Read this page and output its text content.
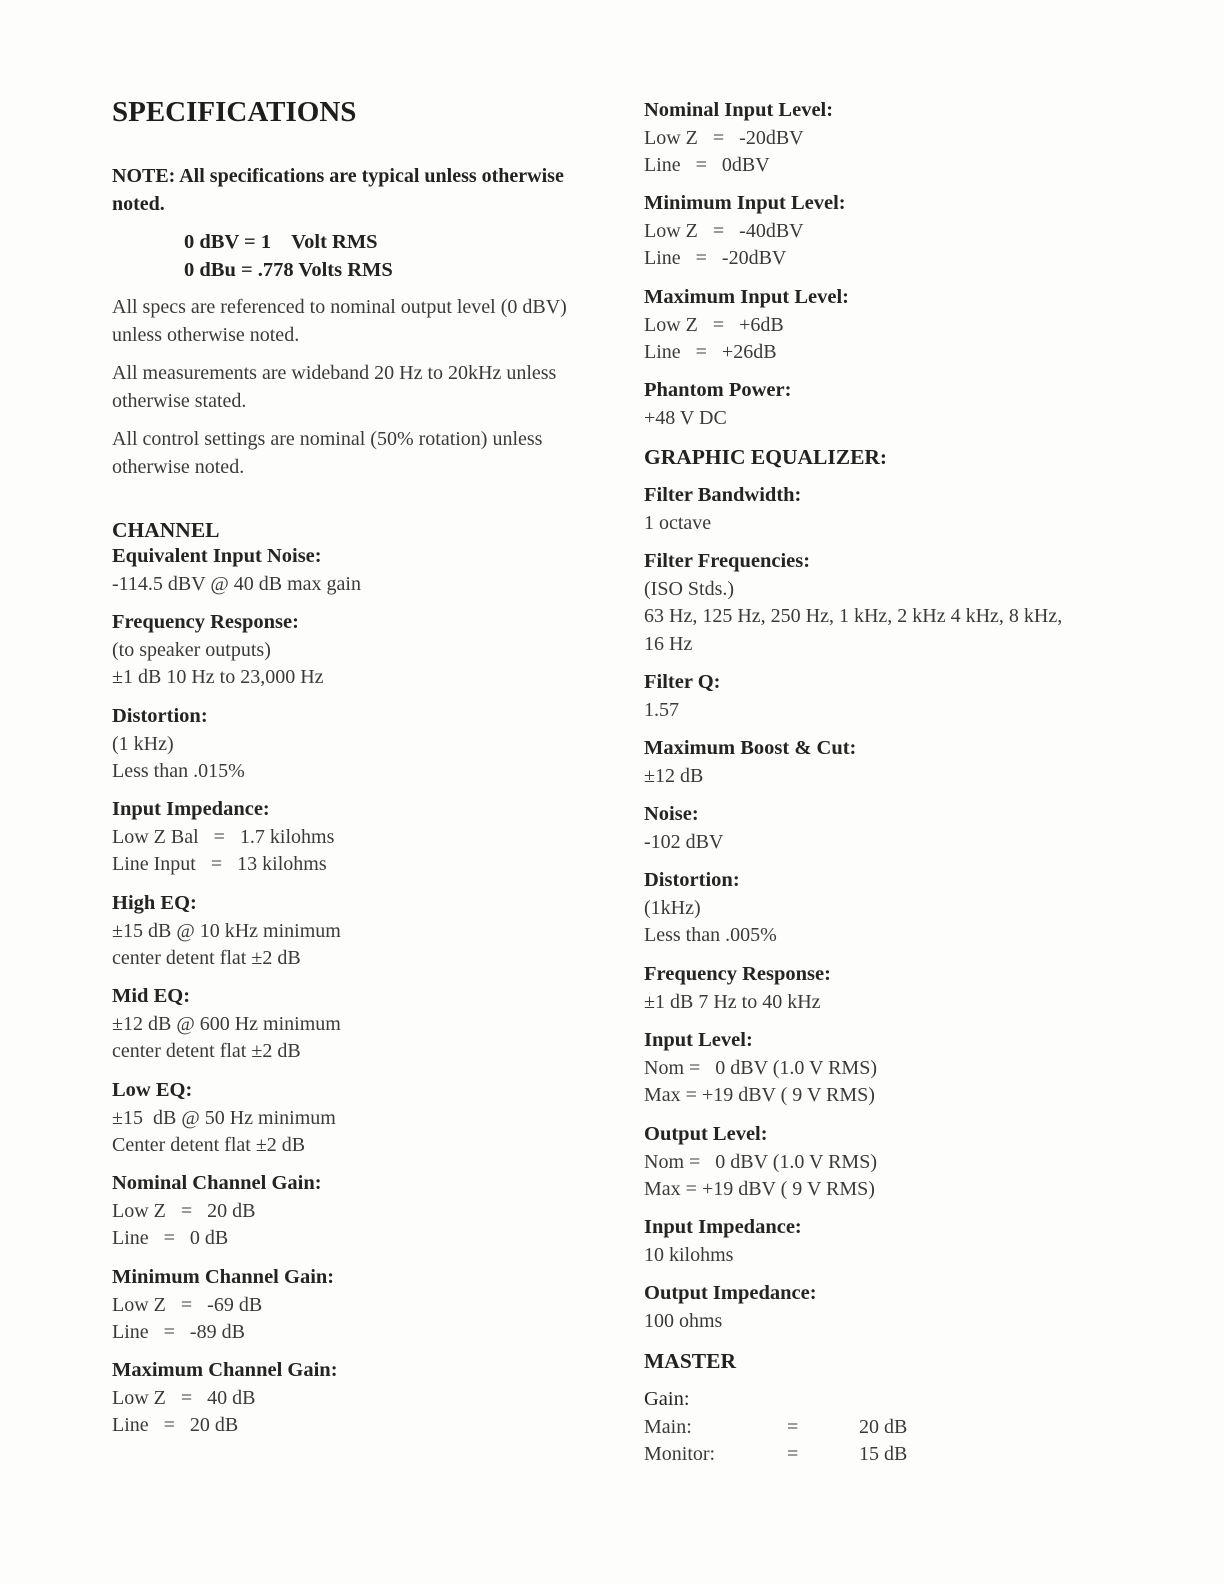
SPECIFICATIONS

NOTE: All specifications are typical unless otherwise noted.

0 dBV = 1    Volt RMS
0 dBu = .778 Volts RMS

All specs are referenced to nominal output level (0 dBV) unless otherwise noted.

All measurements are wideband 20 Hz to 20kHz unless otherwise stated.

All control settings are nominal (50% rotation) unless otherwise noted.

CHANNEL
Equivalent Input Noise:
-114.5 dBV @ 40 dB max gain
Frequency Response:
(to speaker outputs)
±1 dB 10 Hz to 23,000 Hz
Distortion:
(1 kHz)
Less than .015%
Input Impedance:
Low Z Bal   =   1.7 kilohms
Line Input   =   13 kilohms
High EQ:
±15 dB @ 10 kHz minimum
center detent flat ±2 dB
Mid EQ:
±12 dB @ 600 Hz minimum
center detent flat ±2 dB
Low EQ:
±15  dB @ 50 Hz minimum
Center detent flat ±2 dB
Nominal Channel Gain:
Low Z   =   20 dB
Line   =   0 dB
Minimum Channel Gain:
Low Z   =   -69 dB
Line   =   -89 dB
Maximum Channel Gain:
Low Z   =   40 dB
Line   =   20 dB
Nominal Input Level:
Low Z   =   -20dBV
Line   =   0dBV
Minimum Input Level:
Low Z   =   -40dBV
Line   =   -20dBV
Maximum Input Level:
Low Z   =   +6dB
Line   =   +26dB
Phantom Power:
+48 V DC
GRAPHIC EQUALIZER:
Filter Bandwidth:
1 octave
Filter Frequencies:
(ISO Stds.)
63 Hz, 125 Hz, 250 Hz, 1 kHz, 2 kHz 4 kHz, 8 kHz,
16 Hz
Filter Q:
1.57
Maximum Boost & Cut:
±12 dB
Noise:
-102 dBV
Distortion:
(1kHz)
Less than .005%
Frequency Response:
±1 dB 7 Hz to 40 kHz
Input Level:
Nom =   0 dBV (1.0 V RMS)
Max = +19 dBV ( 9 V RMS)
Output Level:
Nom =   0 dBV (1.0 V RMS)
Max = +19 dBV ( 9 V RMS)
Input Impedance:
10 kilohms
Output Impedance:
100 ohms
MASTER
Gain:
Main:	=	20 dB
Monitor:	=	15 dB
